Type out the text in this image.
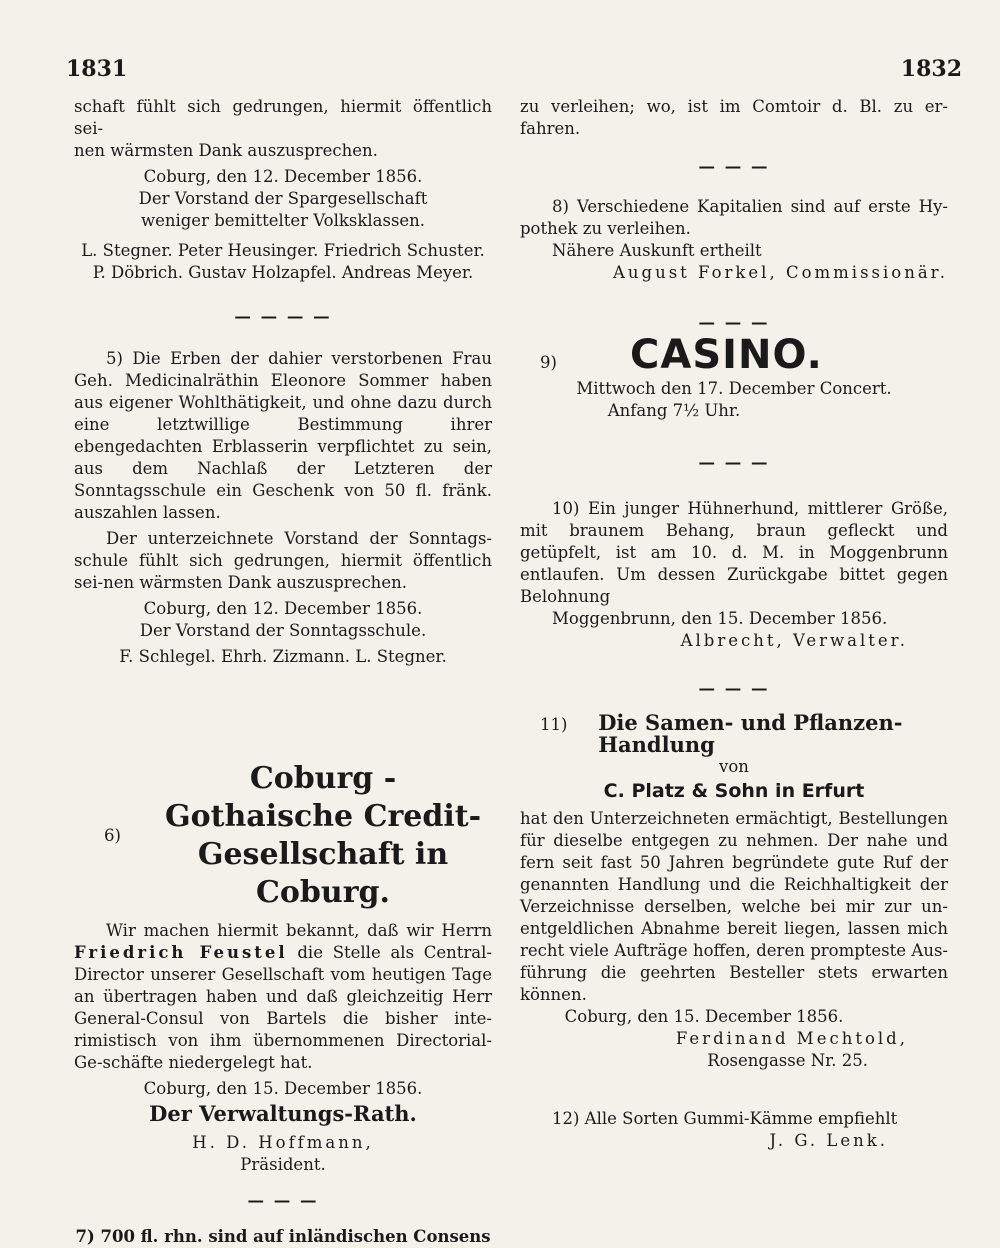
1831	1832

schaft fühlt sich gedrungen, hiermit öffentlich sei-

nen wärmsten Dank auszusprechen.

Coburg, den 12. December 1856.

Der Vorstand der Spargesellschaft weniger bemittelter Volksklassen.

L. Stegner. Peter Heusinger. Friedrich Schuster.

P. Döbrich. Gustav Holzapfel. Andreas Meyer.

— — — —

5) Die Erben der dahier verstorbenen Frau Geh. Medicinalräthin Eleonore Sommer haben aus eigener Wohlthätigkeit, und ohne dazu durch eine letztwillige Bestimmung ihrer ebengedachten Erblasserin verpflichtet zu sein, aus dem Nachlaß der Letzteren der Sonntagsschule ein Geschenk von 50 fl. fränk. auszahlen lassen.

Der unterzeichnete Vorstand der Sonntags-schule fühlt sich gedrungen, hiermit öffentlich sei-nen wärmsten Dank auszusprechen.

Coburg, den 12. December 1856.

Der Vorstand der Sonntagsschule.

F. Schlegel. Ehrh. Zizmann. L. Stegner.

6)
Coburg - Gothaische Credit-Gesellschaft in Coburg.

Wir machen hiermit bekannt, daß wir Herrn Friedrich Feustel die Stelle als Central-Director unserer Gesellschaft vom heutigen Tage an übertragen haben und daß gleichzeitig Herr General-Consul von Bartels die bisher inte-rimistisch von ihm übernommenen Directorial-Ge-schäfte niedergelegt hat.

Coburg, den 15. December 1856.

Der Verwaltungs-Rath.

H. D. Hoffmann,

Präsident.

— — —

7) 700 fl. rhn. sind auf inländischen Consens

zu verleihen; wo, ist im Comtoir d. Bl. zu er-fahren.

— — —

8) Verschiedene Kapitalien sind auf erste Hy-pothek zu verleihen.

Nähere Auskunft ertheilt

August Forkel, Commissionär.

— — —
9)	CASINO.

Mittwoch den 17. December Concert.

Anfang 7½ Uhr.

— — —

10) Ein junger Hühnerhund, mittlerer Größe, mit braunem Behang, braun gefleckt und getüpfelt, ist am 10. d. M. in Moggenbrunn entlaufen. Um dessen Zurückgabe bittet gegen Belohnung

Moggenbrunn, den 15. December 1856.

Albrecht, Verwalter.

— — —
11)	Die Samen- und Pflanzen-Handlung

von

C. Platz & Sohn in Erfurt

hat den Unterzeichneten ermächtigt, Bestellungen für dieselbe entgegen zu nehmen. Der nahe und fern seit fast 50 Jahren begründete gute Ruf der genannten Handlung und die Reichhaltigkeit der Verzeichnisse derselben, welche bei mir zur un-entgeldlichen Abnahme bereit liegen, lassen mich recht viele Aufträge hoffen, deren prompteste Aus-führung die geehrten Besteller stets erwarten können.

Coburg, den 15. December 1856.

Ferdinand Mechtold,

Rosengasse Nr. 25.

12) Alle Sorten Gummi-Kämme empfiehlt

J. G. Lenk.
